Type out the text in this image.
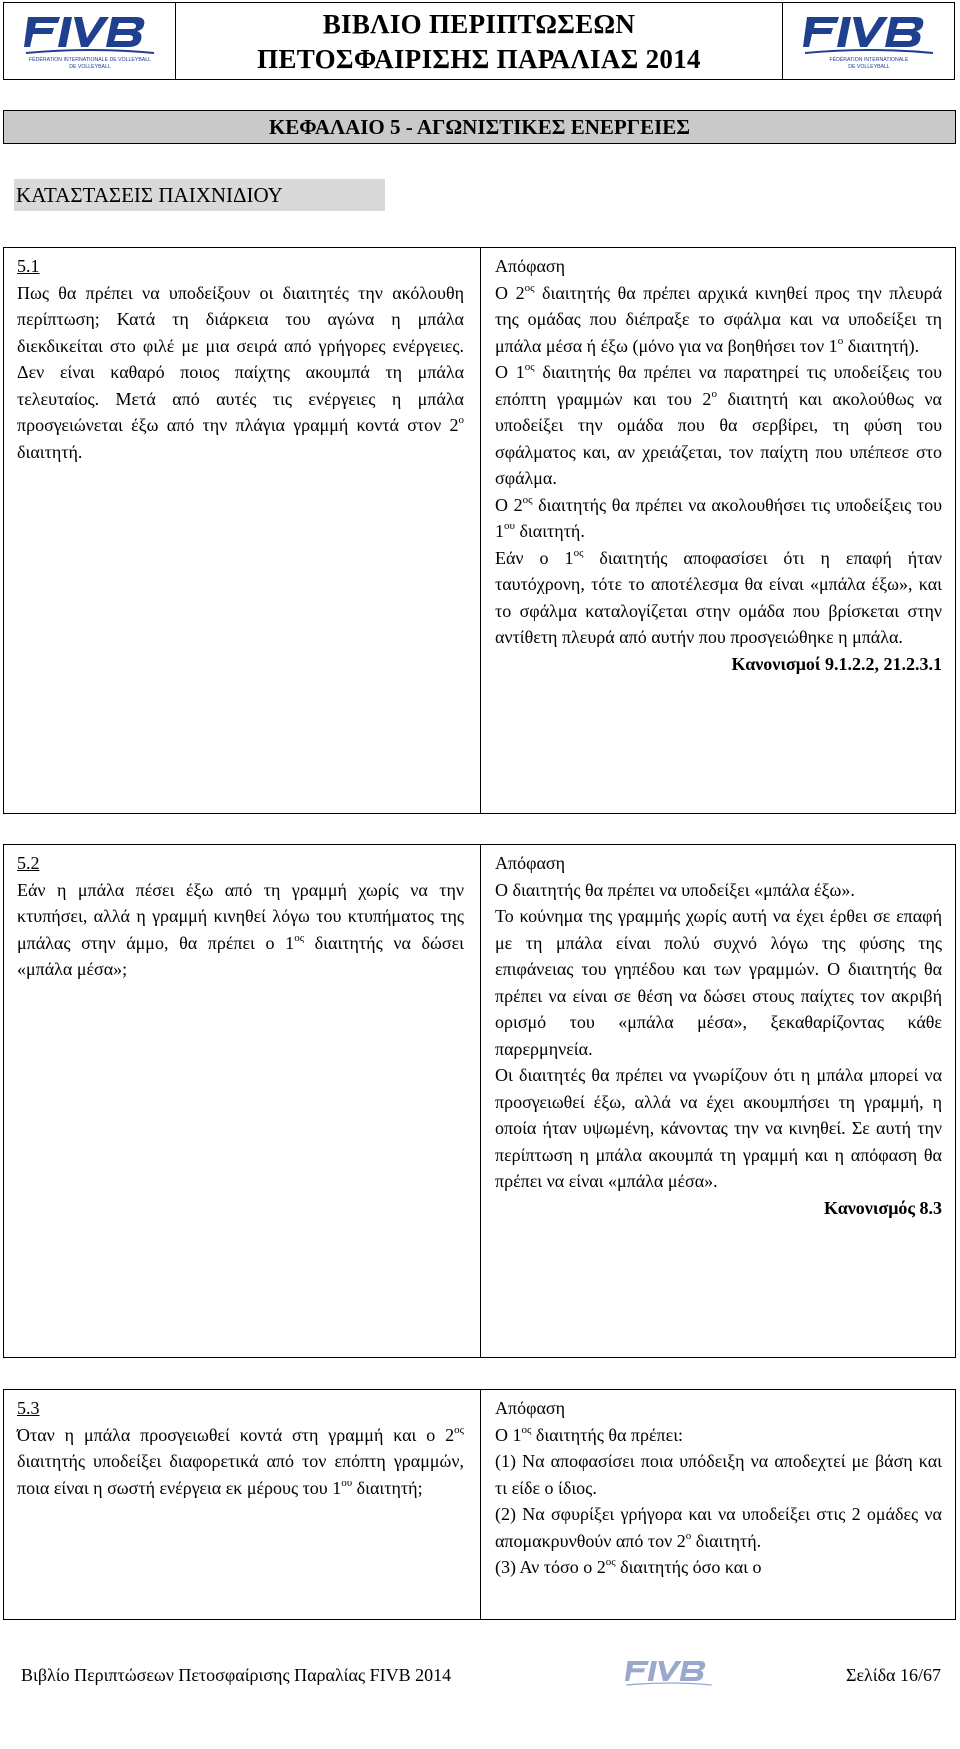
FÉDÉRATION INTERNATIONALE DE VOLLEYBALL
DE VOLLEYBALL
ΒΙΒΛΙΟ ΠΕΡΙΠΤΩΣΕΩΝ
ΠΕΤΟΣΦΑΙΡΙΣΗΣ ΠΑΡΑΛΙΑΣ 2014	FÉDÉRATION INTERNATIONALE
DE VOLLEYBALL
ΚΕΦΑΛΑΙΟ 5 - ΑΓΩΝΙΣΤΙΚΕΣ ΕΝΕΡΓΕΙΕΣ
ΚΑΤΑΣΤΑΣΕΙΣ ΠΑΙΧΝΙΔΙΟΥ

5.1

Πως θα πρέπει να υποδείξουν οι διαιτητές την ακόλουθη περίπτωση; Κατά τη διάρκεια του αγώνα η μπάλα διεκδικείται στο φιλέ με μια σειρά από γρήγορες ενέργειες. Δεν είναι καθαρό ποιος παίχτης ακουμπά τη μπάλα τελευταίος. Μετά από αυτές τις ενέργειες η μπάλα προσγειώνεται έξω από την πλάγια γραμμή κοντά στον $2^o$ διαιτητή.

Απόφαση

Ο $2^{o\varsigma}$ διαιτητής θα πρέπει αρχικά κινηθεί προς την πλευρά της ομάδας που διέπραξε το σφάλμα και να υποδείξει τη μπάλα μέσα ή έξω (μόνο για να βοηθήσει τον $1^o$ διαιτητή).

Ο $1^{o\varsigma}$ διαιτητής θα πρέπει να παρατηρεί τις υποδείξεις του επόπτη γραμμών και του $2^o$ διαιτητή και ακολούθως να υποδείξει την ομάδα που θα σερβίρει, τη φύση του σφάλματος και, αν χρειάζεται, τον παίχτη που υπέπεσε στο σφάλμα.

Ο $2^{o\varsigma}$ διαιτητής θα πρέπει να ακολουθήσει τις υποδείξεις του $1^{o\upsilon}$ διαιτητή.

Εάν ο $1^{o\varsigma}$ διαιτητής αποφασίσει ότι η επαφή ήταν ταυτόχρονη, τότε το αποτέλεσμα θα είναι «μπάλα έξω», και το σφάλμα καταλογίζεται στην ομάδα που βρίσκεται στην αντίθετη πλευρά από αυτήν που προσγειώθηκε η μπάλα.

Κανονισμοί 9.1.2.2, 21.2.3.1

5.2

Εάν η μπάλα πέσει έξω από τη γραμμή χωρίς να την κτυπήσει, αλλά η γραμμή κινηθεί λόγω του κτυπήματος της μπάλας στην άμμο, θα πρέπει ο $1^{o\varsigma}$ διαιτητής να δώσει «μπάλα μέσα»;

Απόφαση

Ο διαιτητής θα πρέπει να υποδείξει «μπάλα έξω».

Το κούνημα της γραμμής χωρίς αυτή να έχει έρθει σε επαφή με τη μπάλα είναι πολύ συχνό λόγω της φύσης της επιφάνειας του γηπέδου και των γραμμών. Ο διαιτητής θα πρέπει να είναι σε θέση να δώσει στους παίχτες τον ακριβή ορισμό του «μπάλα μέσα», ξεκαθαρίζοντας κάθε παρερμηνεία.

Οι διαιτητές θα πρέπει να γνωρίζουν ότι η μπάλα μπορεί να προσγειωθεί έξω, αλλά να έχει ακουμπήσει τη γραμμή, η οποία ήταν υψωμένη, κάνοντας την να κινηθεί. Σε αυτή την περίπτωση η μπάλα ακουμπά τη γραμμή και η απόφαση θα πρέπει να είναι «μπάλα μέσα».

Κανονισμός 8.3

5.3

Όταν η μπάλα προσγειωθεί κοντά στη γραμμή και ο $2^{o\varsigma}$ διαιτητής υποδείξει διαφορετικά από τον επόπτη γραμμών, ποια είναι η σωστή ενέργεια εκ μέρους του $1^{o\upsilon}$ διαιτητή;

Απόφαση

Ο $1^{o\varsigma}$ διαιτητής θα πρέπει:

(1) Να αποφασίσει ποια υπόδειξη να αποδεχτεί με βάση και τι είδε ο ίδιος.

(2) Να σφυρίξει γρήγορα και να υποδείξει στις 2 ομάδες να απομακρυνθούν από τον $2^o$ διαιτητή.

(3) Αν τόσο ο $2^{o\varsigma}$ διαιτητής όσο και ο

Βιβλίο Περιπτώσεων Πετοσφαίρισης Παραλίας FIVB 2014	Σελίδα 16/67
